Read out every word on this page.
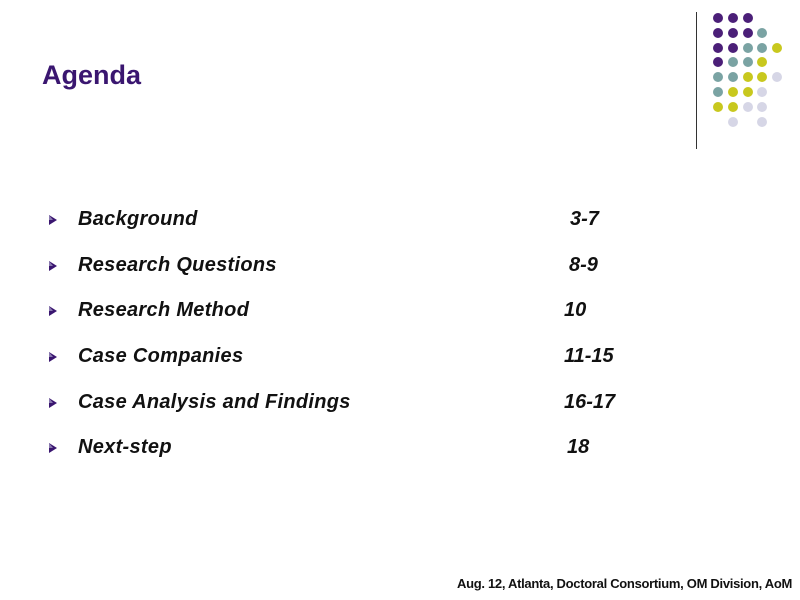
Agenda
Background	3-7
Research Questions	8-9
Research Method	10
Case Companies	11-15
Case Analysis and Findings	16-17
Next-step	18
Aug. 12, Atlanta, Doctoral Consortium, OM Division, AoM
